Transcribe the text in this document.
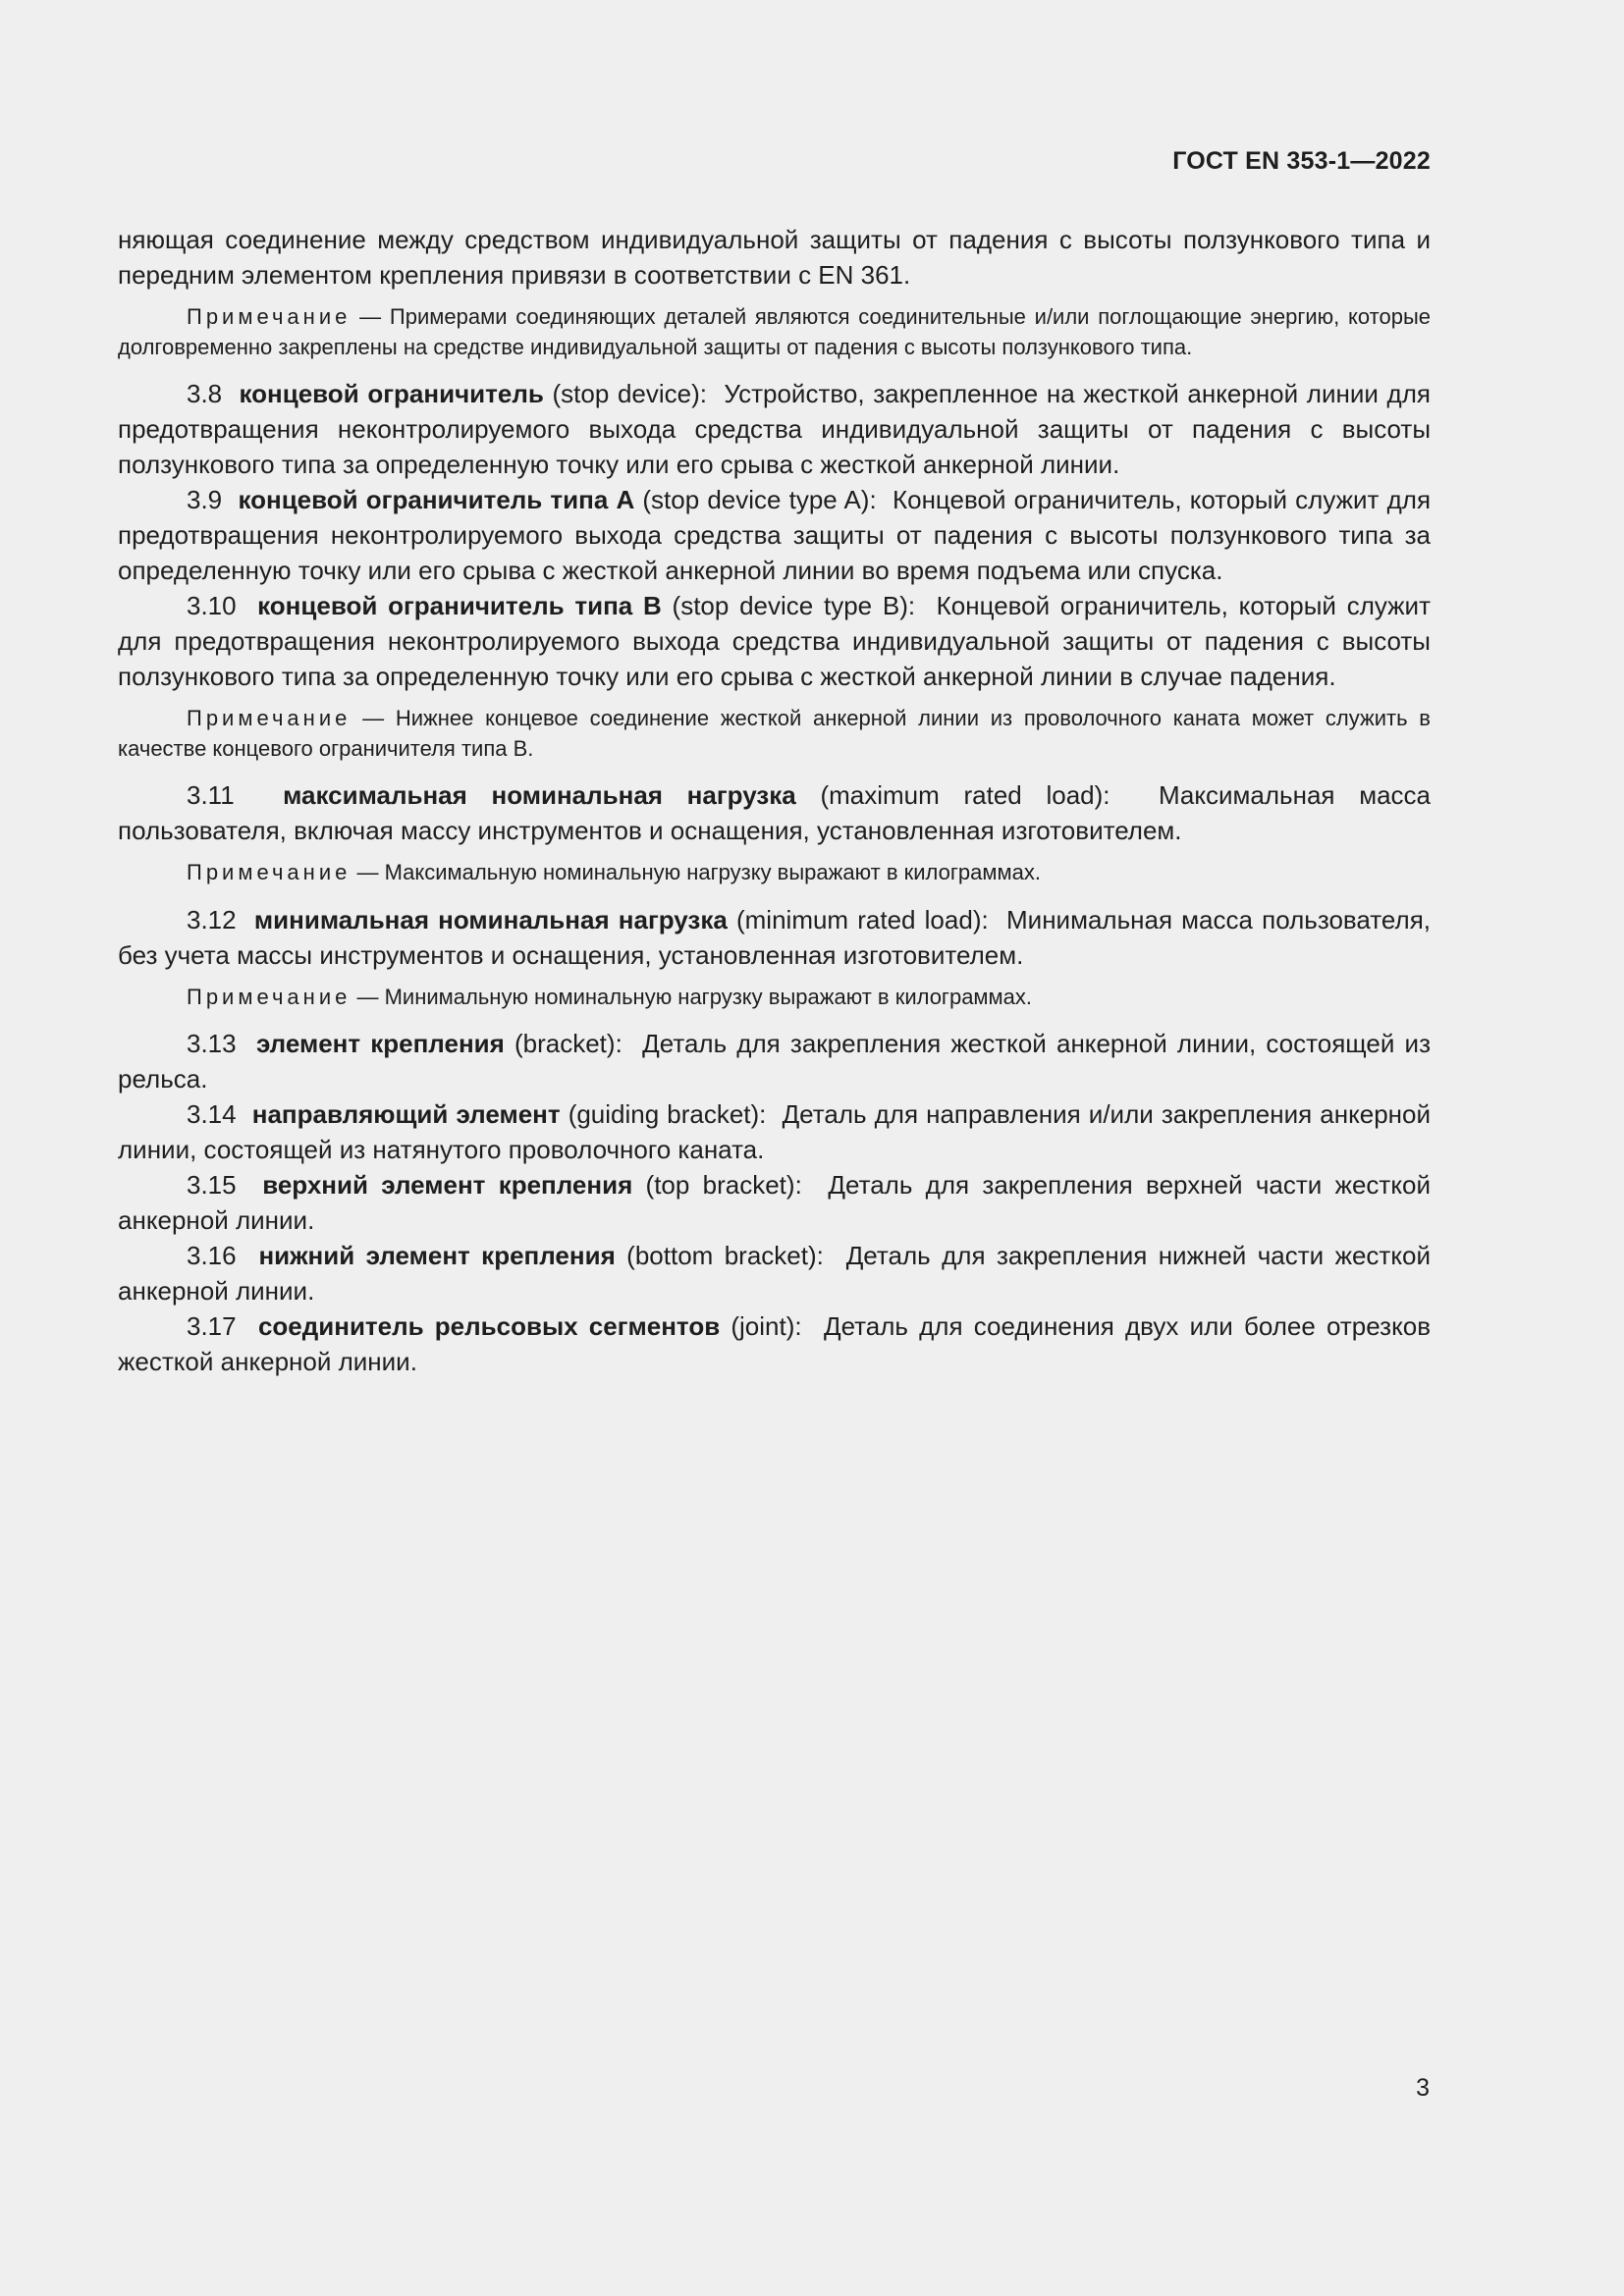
ГОСТ EN 353-1—2022

няющая соединение между средством индивидуальной защиты от падения с высоты ползункового типа и передним элементом крепления привязи в соответствии с EN 361.

Примечание — Примерами соединяющих деталей являются соединительные и/или поглощающие энергию, которые долговременно закреплены на средстве индивидуальной защиты от падения с высоты ползункового типа.

3.8 концевой ограничитель (stop device): Устройство, закрепленное на жесткой анкерной линии для предотвращения неконтролируемого выхода средства индивидуальной защиты от падения с высоты ползункового типа за определенную точку или его срыва с жесткой анкерной линии.

3.9 концевой ограничитель типа А (stop device type A): Концевой ограничитель, который служит для предотвращения неконтролируемого выхода средства защиты от падения с высоты ползункового типа за определенную точку или его срыва с жесткой анкерной линии во время подъема или спуска.

3.10 концевой ограничитель типа В (stop device type B): Концевой ограничитель, который служит для предотвращения неконтролируемого выхода средства индивидуальной защиты от падения с высоты ползункового типа за определенную точку или его срыва с жесткой анкерной линии в случае падения.

Примечание — Нижнее концевое соединение жесткой анкерной линии из проволочного каната может служить в качестве концевого ограничителя типа B.

3.11 максимальная номинальная нагрузка (maximum rated load): Максимальная масса пользователя, включая массу инструментов и оснащения, установленная изготовителем.

Примечание — Максимальную номинальную нагрузку выражают в килограммах.

3.12 минимальная номинальная нагрузка (minimum rated load): Минимальная масса пользователя, без учета массы инструментов и оснащения, установленная изготовителем.

Примечание — Минимальную номинальную нагрузку выражают в килограммах.

3.13 элемент крепления (bracket): Деталь для закрепления жесткой анкерной линии, состоящей из рельса.

3.14 направляющий элемент (guiding bracket): Деталь для направления и/или закрепления анкерной линии, состоящей из натянутого проволочного каната.

3.15 верхний элемент крепления (top bracket): Деталь для закрепления верхней части жесткой анкерной линии.

3.16 нижний элемент крепления (bottom bracket): Деталь для закрепления нижней части жесткой анкерной линии.

3.17 соединитель рельсовых сегментов (joint): Деталь для соединения двух или более отрезков жесткой анкерной линии.

3
